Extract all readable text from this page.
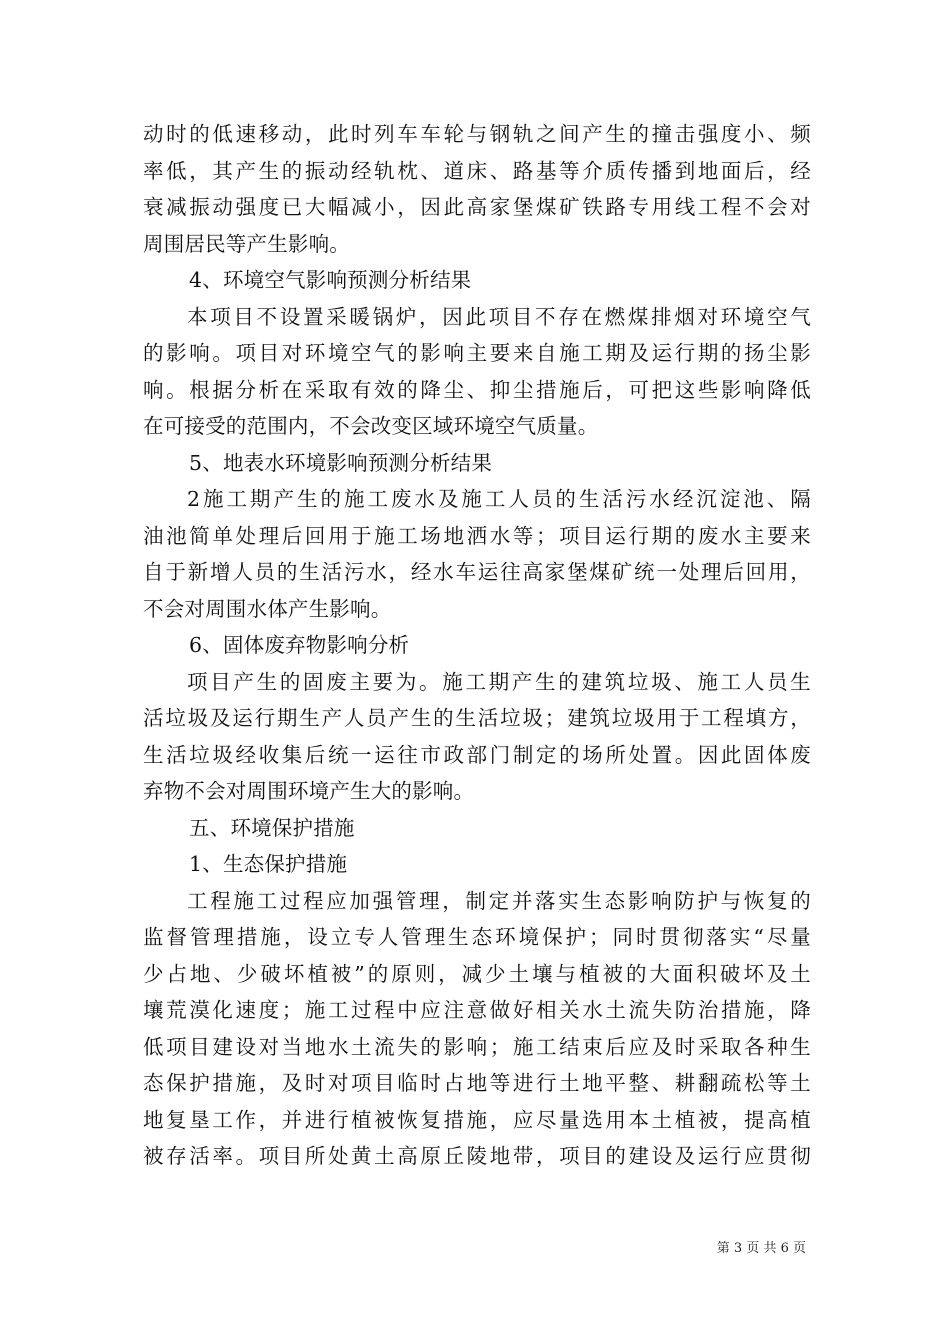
动时的低速移动，此时列车车轮与钢轨之间产生的撞击强度小、频
率低，其产生的振动经轨枕、道床、路基等介质传播到地面后，经
衰减振动强度已大幅减小，因此高家堡煤矿铁路专用线工程不会对
周围居民等产生影响。
4、环境空气影响预测分析结果
本项目不设置采暖锅炉，因此项目不存在燃煤排烟对环境空气
的影响。项目对环境空气的影响主要来自施工期及运行期的扬尘影
响。根据分析在采取有效的降尘、抑尘措施后，可把这些影响降低
在可接受的范围内，不会改变区域环境空气质量。
5、地表水环境影响预测分析结果
2施工期产生的施工废水及施工人员的生活污水经沉淀池、隔
油池简单处理后回用于施工场地洒水等；项目运行期的废水主要来
自于新增人员的生活污水，经水车运往高家堡煤矿统一处理后回用，
不会对周围水体产生影响。
6、固体废弃物影响分析
项目产生的固废主要为。施工期产生的建筑垃圾、施工人员生
活垃圾及运行期生产人员产生的生活垃圾；建筑垃圾用于工程填方，
生活垃圾经收集后统一运往市政部门制定的场所处置。因此固体废
弃物不会对周围环境产生大的影响。
五、环境保护措施
1、生态保护措施
工程施工过程应加强管理，制定并落实生态影响防护与恢复的
监督管理措施，设立专人管理生态环境保护；同时贯彻落实“尽量
少占地、少破坏植被”的原则，减少土壤与植被的大面积破坏及土
壤荒漠化速度；施工过程中应注意做好相关水土流失防治措施，降
低项目建设对当地水土流失的影响；施工结束后应及时采取各种生
态保护措施，及时对项目临时占地等进行土地平整、耕翻疏松等土
地复垦工作，并进行植被恢复措施，应尽量选用本土植被，提高植
被存活率。项目所处黄土高原丘陵地带，项目的建设及运行应贯彻
第 3 页 共 6 页
